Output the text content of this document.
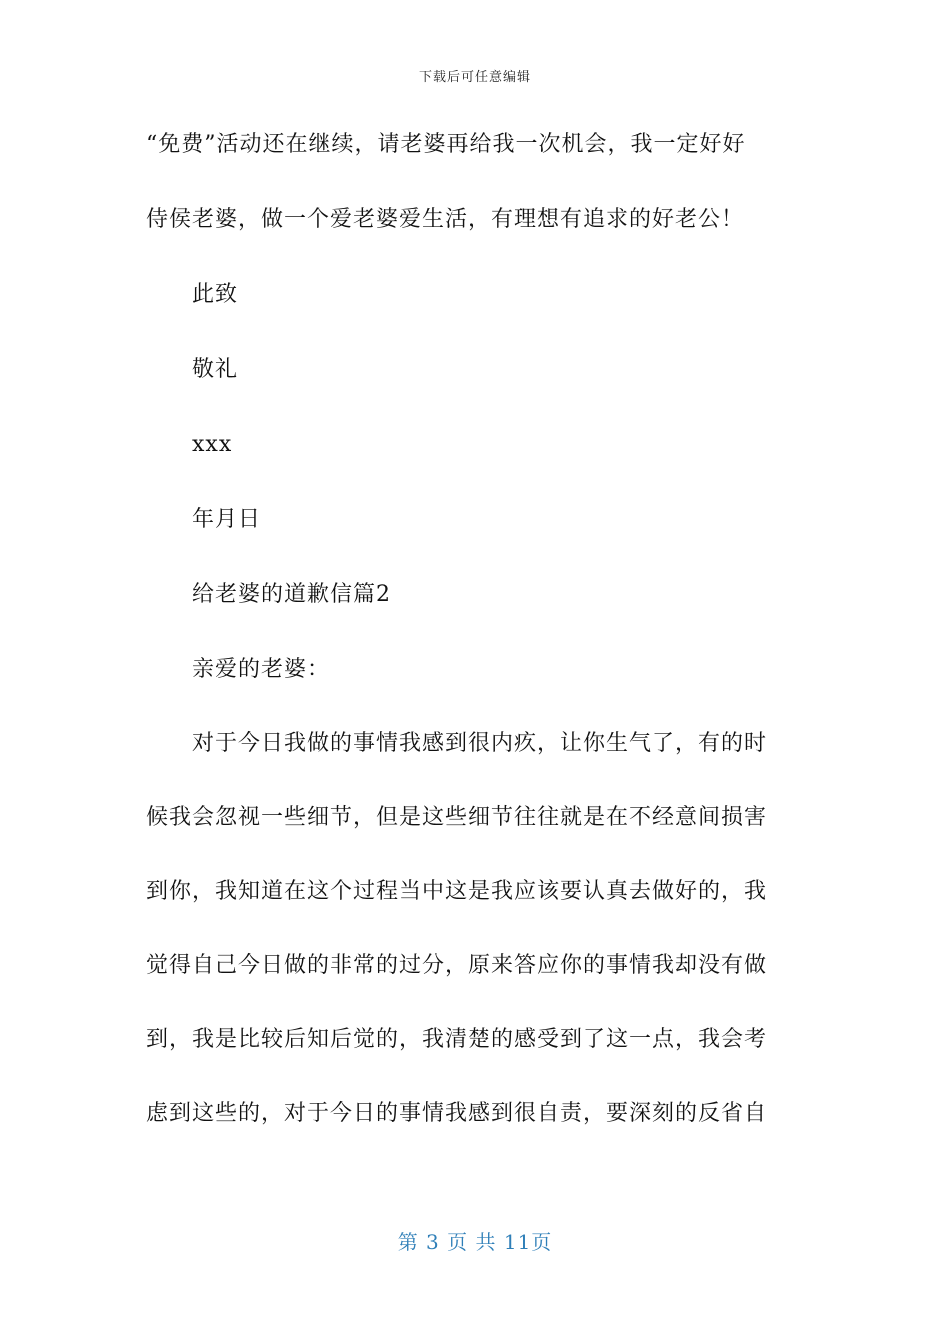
下载后可任意编辑
“免费”活动还在继续，请老婆再给我一次机会，我一定好好
侍侯老婆，做一个爱老婆爱生活，有理想有追求的好老公！
此致
敬礼
xxx
年月日
给老婆的道歉信篇2
亲爱的老婆：
对于今日我做的事情我感到很内疚，让你生气了，有的时
候我会忽视一些细节，但是这些细节往往就是在不经意间损害
到你，我知道在这个过程当中这是我应该要认真去做好的，我
觉得自己今日做的非常的过分，原来答应你的事情我却没有做
到，我是比较后知后觉的，我清楚的感受到了这一点，我会考
虑到这些的，对于今日的事情我感到很自责，要深刻的反省自
第 3 页 共 11页
